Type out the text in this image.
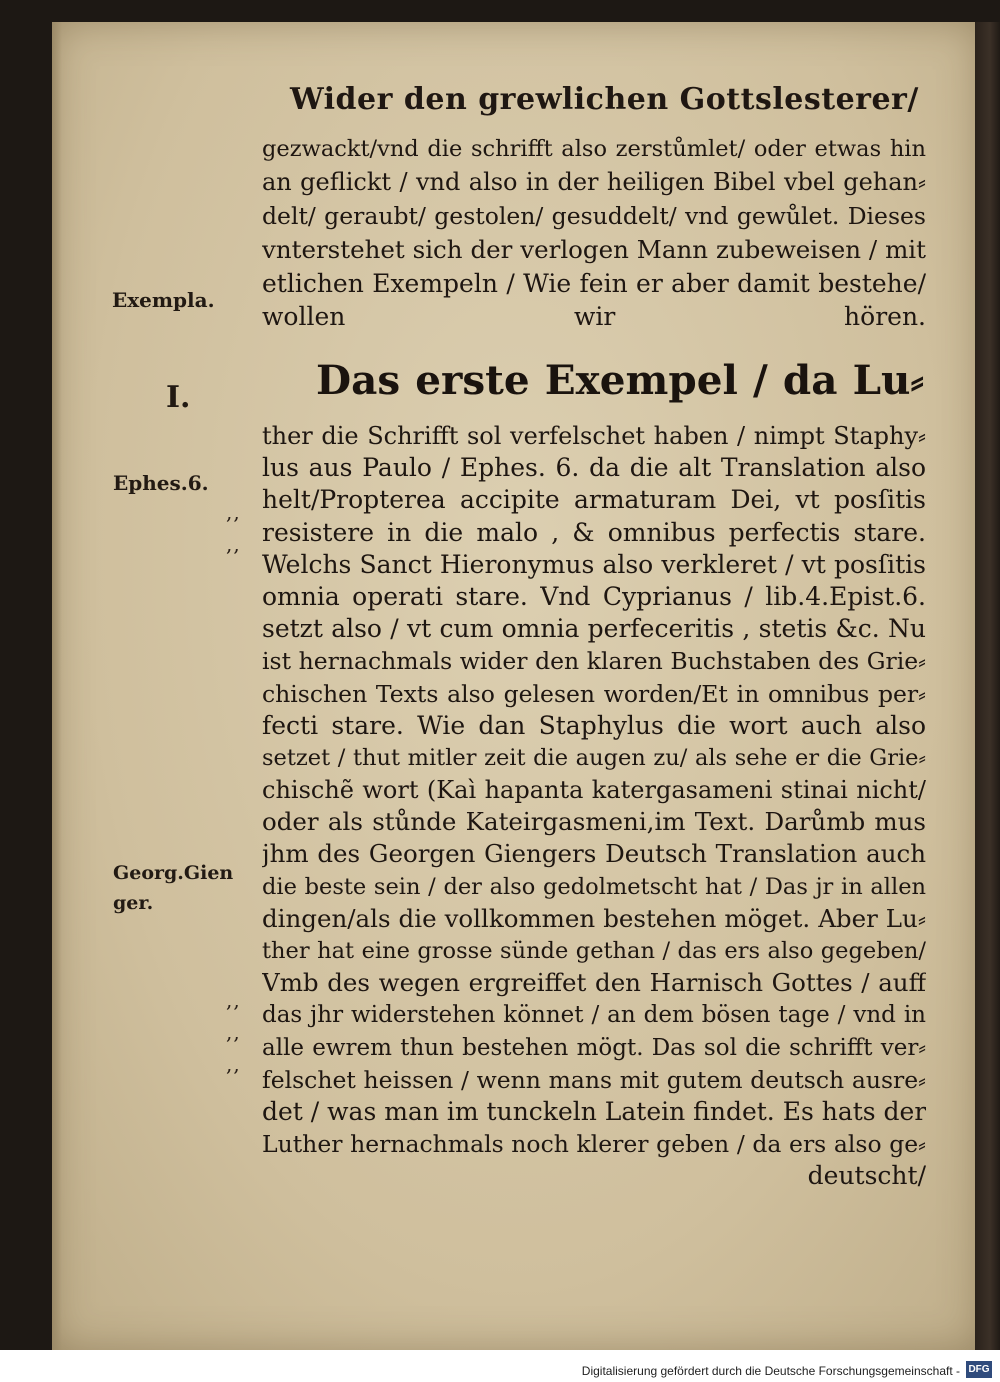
Wider den grewlichen Gottslesterer/
gezwackt/vnd die schrifft also zerstůmlet/ oder etwas hin
an geflickt / vnd also in der heiligen Bibel vbel gehan⸗
delt/ geraubt/ gestolen/ gesuddelt/ vnd gewůlet. Dieses
vnterstehet sich der verlogen Mann zubeweisen / mit
etlichen Exempeln / Wie fein er aber damit bestehe/
wollen wir hören.
Das erste Exempel / da Lu⸗
ther die Schrifft sol verfelschet haben / nimpt Staphy⸗
lus aus Paulo / Ephes. 6. da die alt Translation also
helt/Propterea accipite armaturam Dei, vt posſitis
resistere in die malo , & omnibus perfectis stare.
Welchs Sanct Hieronymus also verkleret / vt posſitis
omnia operati stare. Vnd Cyprianus / lib.4.Epist.6.
setzt also / vt cum omnia perfeceritis , stetis &c. Nu
ist hernachmals wider den klaren Buchstaben des Grie⸗
chischen Texts also gelesen worden/Et in omnibus per⸗
fecti stare. Wie dan Staphylus die wort auch also
setzet / thut mitler zeit die augen zu/ als sehe er die Grie⸗
chischẽ wort (Kaì hapanta katergasameni stinai nicht/
oder als stůnde Kateirgasmeni,im Text. Darůmb mus
jhm des Georgen Giengers Deutsch Translation auch
die beste sein / der also gedolmetscht hat / Das jr in allen
dingen/als die vollkommen bestehen möget. Aber Lu⸗
ther hat eine grosse sünde gethan / das ers also gegeben/
Vmb des wegen ergreiffet den Harnisch Gottes / auff
das jhr widerstehen könnet / an dem bösen tage / vnd in
alle ewrem thun bestehen mögt. Das sol die schrifft ver⸗
felschet heissen / wenn mans mit gutem deutsch ausre⸗
det / was man im tunckeln Latein findet. Es hats der
Luther hernachmals noch klerer geben / da ers also ge⸗
deutscht/
Exempla.
I.
Ephes.6.
Georg.Gien ger.
,,
,,
,,
,,
,,
Digitalisierung gefördert durch die Deutsche Forschungsgemeinschaft - DFG
